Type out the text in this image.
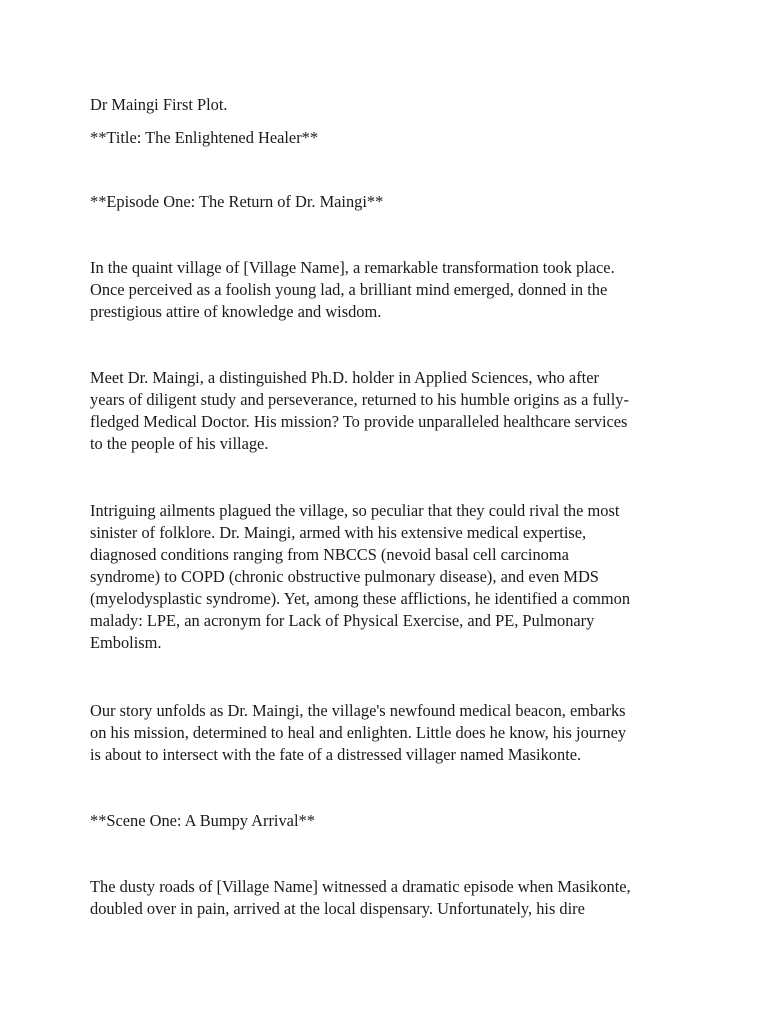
Dr Maingi First Plot.

**Title: The Enlightened Healer**

**Episode One: The Return of Dr. Maingi**

In the quaint village of [Village Name], a remarkable transformation took place.

Once perceived as a foolish young lad, a brilliant mind emerged, donned in the

prestigious attire of knowledge and wisdom.

Meet Dr. Maingi, a distinguished Ph.D. holder in Applied Sciences, who after

years of diligent study and perseverance, returned to his humble origins as a fully-

fledged Medical Doctor. His mission? To provide unparalleled healthcare services

to the people of his village.

Intriguing ailments plagued the village, so peculiar that they could rival the most

sinister of folklore. Dr. Maingi, armed with his extensive medical expertise,

diagnosed conditions ranging from NBCCS (nevoid basal cell carcinoma

syndrome) to COPD (chronic obstructive pulmonary disease), and even MDS

(myelodysplastic syndrome). Yet, among these afflictions, he identified a common

malady: LPE, an acronym for Lack of Physical Exercise, and PE, Pulmonary

Embolism.

Our story unfolds as Dr. Maingi, the village's newfound medical beacon, embarks

on his mission, determined to heal and enlighten. Little does he know, his journey

is about to intersect with the fate of a distressed villager named Masikonte.

**Scene One: A Bumpy Arrival**

The dusty roads of [Village Name] witnessed a dramatic episode when Masikonte,

doubled over in pain, arrived at the local dispensary. Unfortunately, his dire
